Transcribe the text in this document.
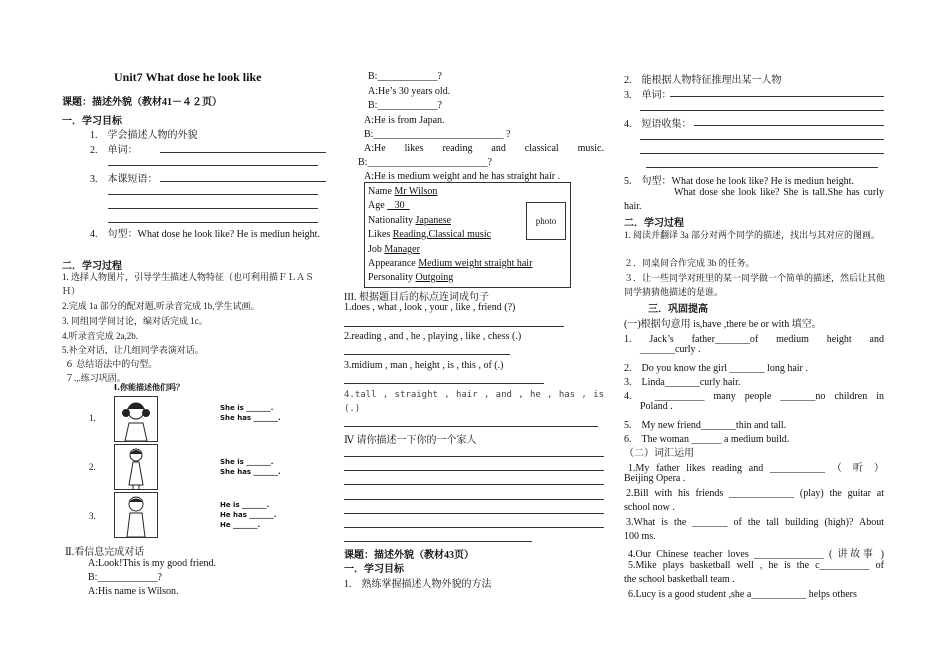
Unit7 What dose he look like
课题：描述外貌（教材41－４２页）
一．学习目标
1.　学会描述人物的外貌
2.　单词：
3.　本课短语：
4.　句型：What dose he look like? He is mediun height.
二．学习过程
1. 选择人物图片，引导学生描述人物特征（也可利用描ＦＬＡＳＨ）
2.完成 1a 部分的配对题,听录音完成 1b,学生试画。
3. 同组同学间讨论，编对话完成 1c。
4.听录音完成 2a,2b.
5.补全对话，让几组同学表演对话。
６ 总结语法中的句型。
７.,.练习巩固。
Ⅰ.你能描述他们吗？
1.
She is _______.
She has _______.
2.	She is _______.
She has _______.
3.
He is _______.
He has _______.
He _______.
Ⅱ.看信息完成对话
A:Look!This is my good friend.
B:____________?
A:His name is Wilson.
B:____________?
A:He’s 30 years old.
B:____________?
A:He is from Japan.
B:__________________________ ?
A:He likes reading and classical music.
B:________________________?
A:He is medium weight and he has straight hair .
photo
Name Mr Wilson
Age    30
Nationality Japanese
Likes Reading,Classical music
Job Manager
Appearance Medium weight straight hair
Personality Outgoing
III. 根据题目后的标点连词成句子
1.does , what , look , your , like , friend (?)
2.reading , and , he , playing , like , chess (.)
3.midium , man , height , is , this , of (.)
4.tall , straight , hair , and , he , has , is (.)
Ⅳ 请你描述一下你的一个家人
课题：描述外貌（教材43页）
一．学习目标
1.　熟练掌握描述人物外貌的方法
2.　能根据人物特征推理出某一人物
3.　单词：
4.　短语收集：
5.　句型：What dose he look like? He is mediun height.
What dose she look like? She is tall.She has curly hair.
二．学习过程
1. 阅读并翻译 3a 部分对两个同学的描述，找出与其对应的图画。
２．同桌间合作完成 3b 的任务。
３．让一些同学对班里的某一同学做一个简单的描述，然后让其他同学猜猜他描述的是谁。
三．巩固提高
(一)根据句意用 is,have ,there be or with 填空。
1.　Jack’s　father_______of　medium　height　and
_______curly .
2.　Do you know the girl _______ long hair .
3.　Linda_______curly hair.
4.　__________ many people _______no children in
Poland .
5.　My new friend_______thin and tall.
6.　The woman ______ a medium build.
（二）词汇运用
1.My father likes reading and ___________ （ 听 ）
Beijing Opera .
2.Bill with his friends _____________ (play) the guitar at
school now .
3.What is the _______ of the tall building (high)? About
100 ms.
4.Our Chinese teacher loves ______________ ( 讲故事 )
5.Mike plays basketball well , he is the c__________ of
the school basketball team .
6.Lucy is a good student ,she a___________ helps others
